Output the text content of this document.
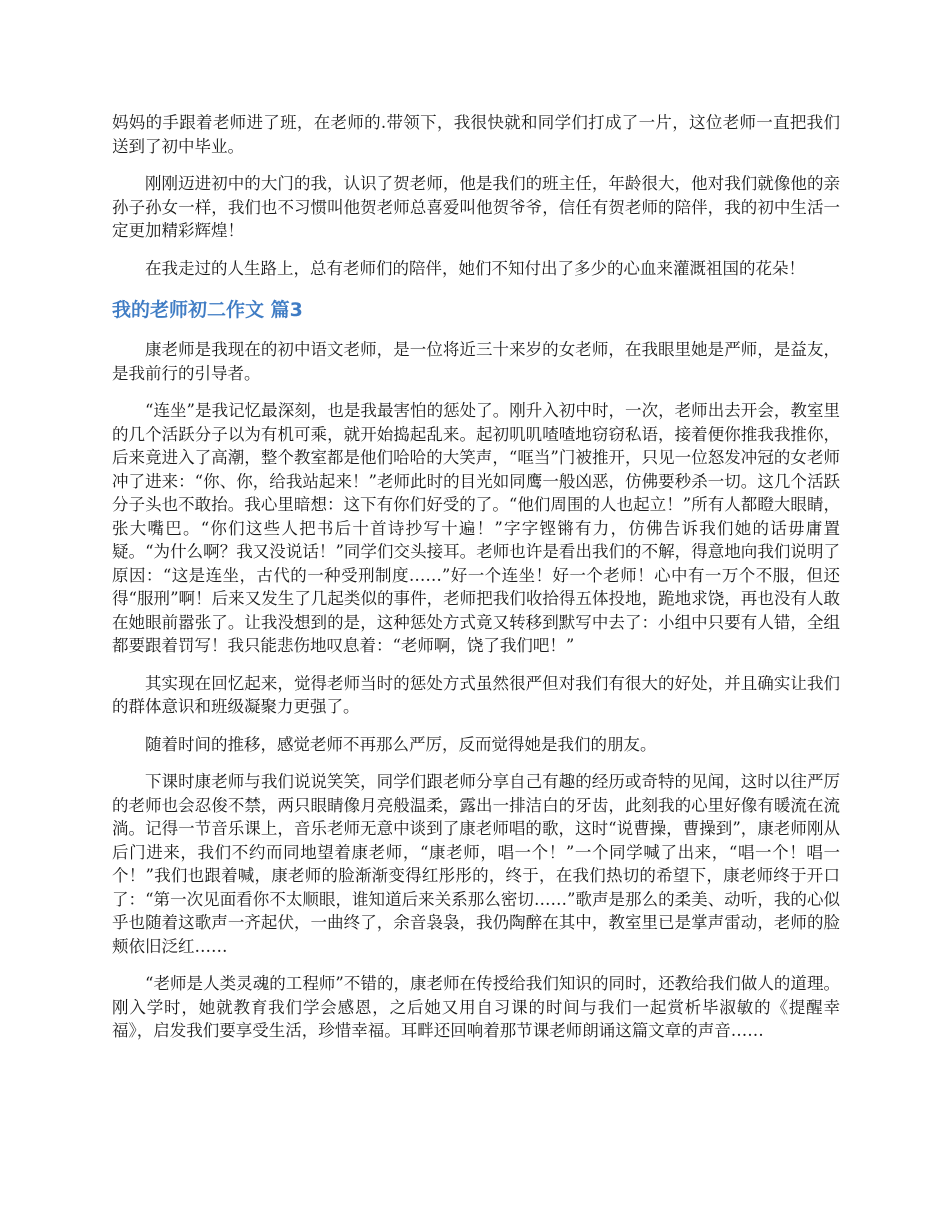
妈妈的手跟着老师进了班，在老师的.带领下，我很快就和同学们打成了一片，这位老师一直把我们送到了初中毕业。

刚刚迈进初中的大门的我，认识了贺老师，他是我们的班主任，年龄很大，他对我们就像他的亲孙子孙女一样，我们也不习惯叫他贺老师总喜爱叫他贺爷爷，信任有贺老师的陪伴，我的初中生活一定更加精彩辉煌！

在我走过的人生路上，总有老师们的陪伴，她们不知付出了多少的心血来灌溉祖国的花朵！

我的老师初二作文 篇3

康老师是我现在的初中语文老师，是一位将近三十来岁的女老师，在我眼里她是严师，是益友，是我前行的引导者。

“连坐”是我记忆最深刻，也是我最害怕的惩处了。刚升入初中时，一次，老师出去开会，教室里的几个活跃分子以为有机可乘，就开始捣起乱来。起初叽叽喳喳地窃窃私语，接着便你推我我推你，后来竟进入了高潮，整个教室都是他们哈哈的大笑声，“哐当”门被推开，只见一位怒发冲冠的女老师冲了进来：“你、你，给我站起来！”老师此时的目光如同鹰一般凶恶，仿佛要秒杀一切。这几个活跃分子头也不敢抬。我心里暗想：这下有你们好受的了。“他们周围的人也起立！”所有人都瞪大眼睛，张大嘴巴。“你们这些人把书后十首诗抄写十遍！”字字铿锵有力，仿佛告诉我们她的话毋庸置疑。“为什么啊？我又没说话！”同学们交头接耳。老师也许是看出我们的不解，得意地向我们说明了原因：“这是连坐，古代的一种受刑制度……”好一个连坐！好一个老师！心中有一万个不服，但还得“服刑”啊！后来又发生了几起类似的事件，老师把我们收拾得五体投地，跪地求饶，再也没有人敢在她眼前嚣张了。让我没想到的是，这种惩处方式竟又转移到默写中去了：小组中只要有人错，全组都要跟着罚写！我只能悲伤地叹息着：“老师啊，饶了我们吧！”

其实现在回忆起来，觉得老师当时的惩处方式虽然很严但对我们有很大的好处，并且确实让我们的群体意识和班级凝聚力更强了。

随着时间的推移，感觉老师不再那么严厉，反而觉得她是我们的朋友。

下课时康老师与我们说说笑笑，同学们跟老师分享自己有趣的经历或奇特的见闻，这时以往严厉的老师也会忍俊不禁，两只眼睛像月亮般温柔，露出一排洁白的牙齿，此刻我的心里好像有暖流在流淌。记得一节音乐课上，音乐老师无意中谈到了康老师唱的歌，这时“说曹操，曹操到”，康老师刚从后门进来，我们不约而同地望着康老师，“康老师，唱一个！”一个同学喊了出来，“唱一个！唱一个！”我们也跟着喊，康老师的脸渐渐变得红彤彤的，终于，在我们热切的希望下，康老师终于开口了：“第一次见面看你不太顺眼，谁知道后来关系那么密切……”歌声是那么的柔美、动听，我的心似乎也随着这歌声一齐起伏，一曲终了，余音袅袅，我仍陶醉在其中，教室里已是掌声雷动，老师的脸颊依旧泛红……

“老师是人类灵魂的工程师”不错的，康老师在传授给我们知识的同时，还教给我们做人的道理。刚入学时，她就教育我们学会感恩，之后她又用自习课的时间与我们一起赏析毕淑敏的《提醒幸福》，启发我们要享受生活，珍惜幸福。耳畔还回响着那节课老师朗诵这篇文章的声音……
